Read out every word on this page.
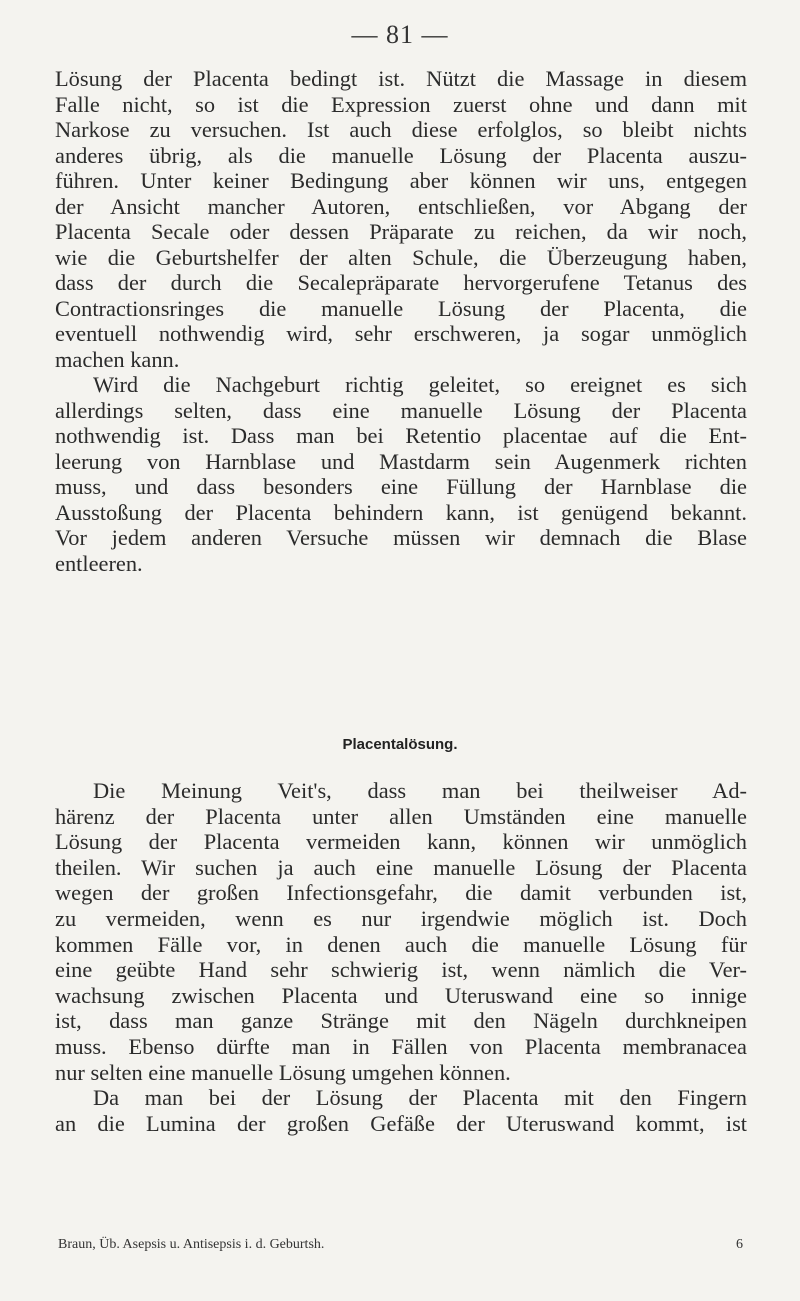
— 81 —
Lösung der Placenta bedingt ist. Nützt die Massage in diesem
Falle nicht, so ist die Expression zuerst ohne und dann mit
Narkose zu versuchen. Ist auch diese erfolglos, so bleibt nichts
anderes übrig, als die manuelle Lösung der Placenta auszu-
führen. Unter keiner Bedingung aber können wir uns, entgegen
der Ansicht mancher Autoren, entschließen, vor Abgang der
Placenta Secale oder dessen Präparate zu reichen, da wir noch,
wie die Geburtshelfer der alten Schule, die Überzeugung haben,
dass der durch die Secalepräparate hervorgerufene Tetanus des
Contractionsringes die manuelle Lösung der Placenta, die
eventuell nothwendig wird, sehr erschweren, ja sogar unmöglich
machen kann.
Wird die Nachgeburt richtig geleitet, so ereignet es sich
allerdings selten, dass eine manuelle Lösung der Placenta
nothwendig ist. Dass man bei Retentio placentae auf die Ent-
leerung von Harnblase und Mastdarm sein Augenmerk richten
muss, und dass besonders eine Füllung der Harnblase die
Ausstoßung der Placenta behindern kann, ist genügend bekannt.
Vor jedem anderen Versuche müssen wir demnach die Blase
entleeren.
Placentalösung.
Die Meinung Veit's, dass man bei theilweiser Ad-
härenz der Placenta unter allen Umständen eine manuelle
Lösung der Placenta vermeiden kann, können wir unmöglich
theilen. Wir suchen ja auch eine manuelle Lösung der Placenta
wegen der großen Infectionsgefahr, die damit verbunden ist,
zu vermeiden, wenn es nur irgendwie möglich ist. Doch
kommen Fälle vor, in denen auch die manuelle Lösung für
eine geübte Hand sehr schwierig ist, wenn nämlich die Ver-
wachsung zwischen Placenta und Uteruswand eine so innige
ist, dass man ganze Stränge mit den Nägeln durchkneipen
muss. Ebenso dürfte man in Fällen von Placenta membranacea
nur selten eine manuelle Lösung umgehen können.
Da man bei der Lösung der Placenta mit den Fingern
an die Lumina der großen Gefäße der Uteruswand kommt, ist
Braun, Üb. Asepsis u. Antisepsis i. d. Geburtsh.	6
